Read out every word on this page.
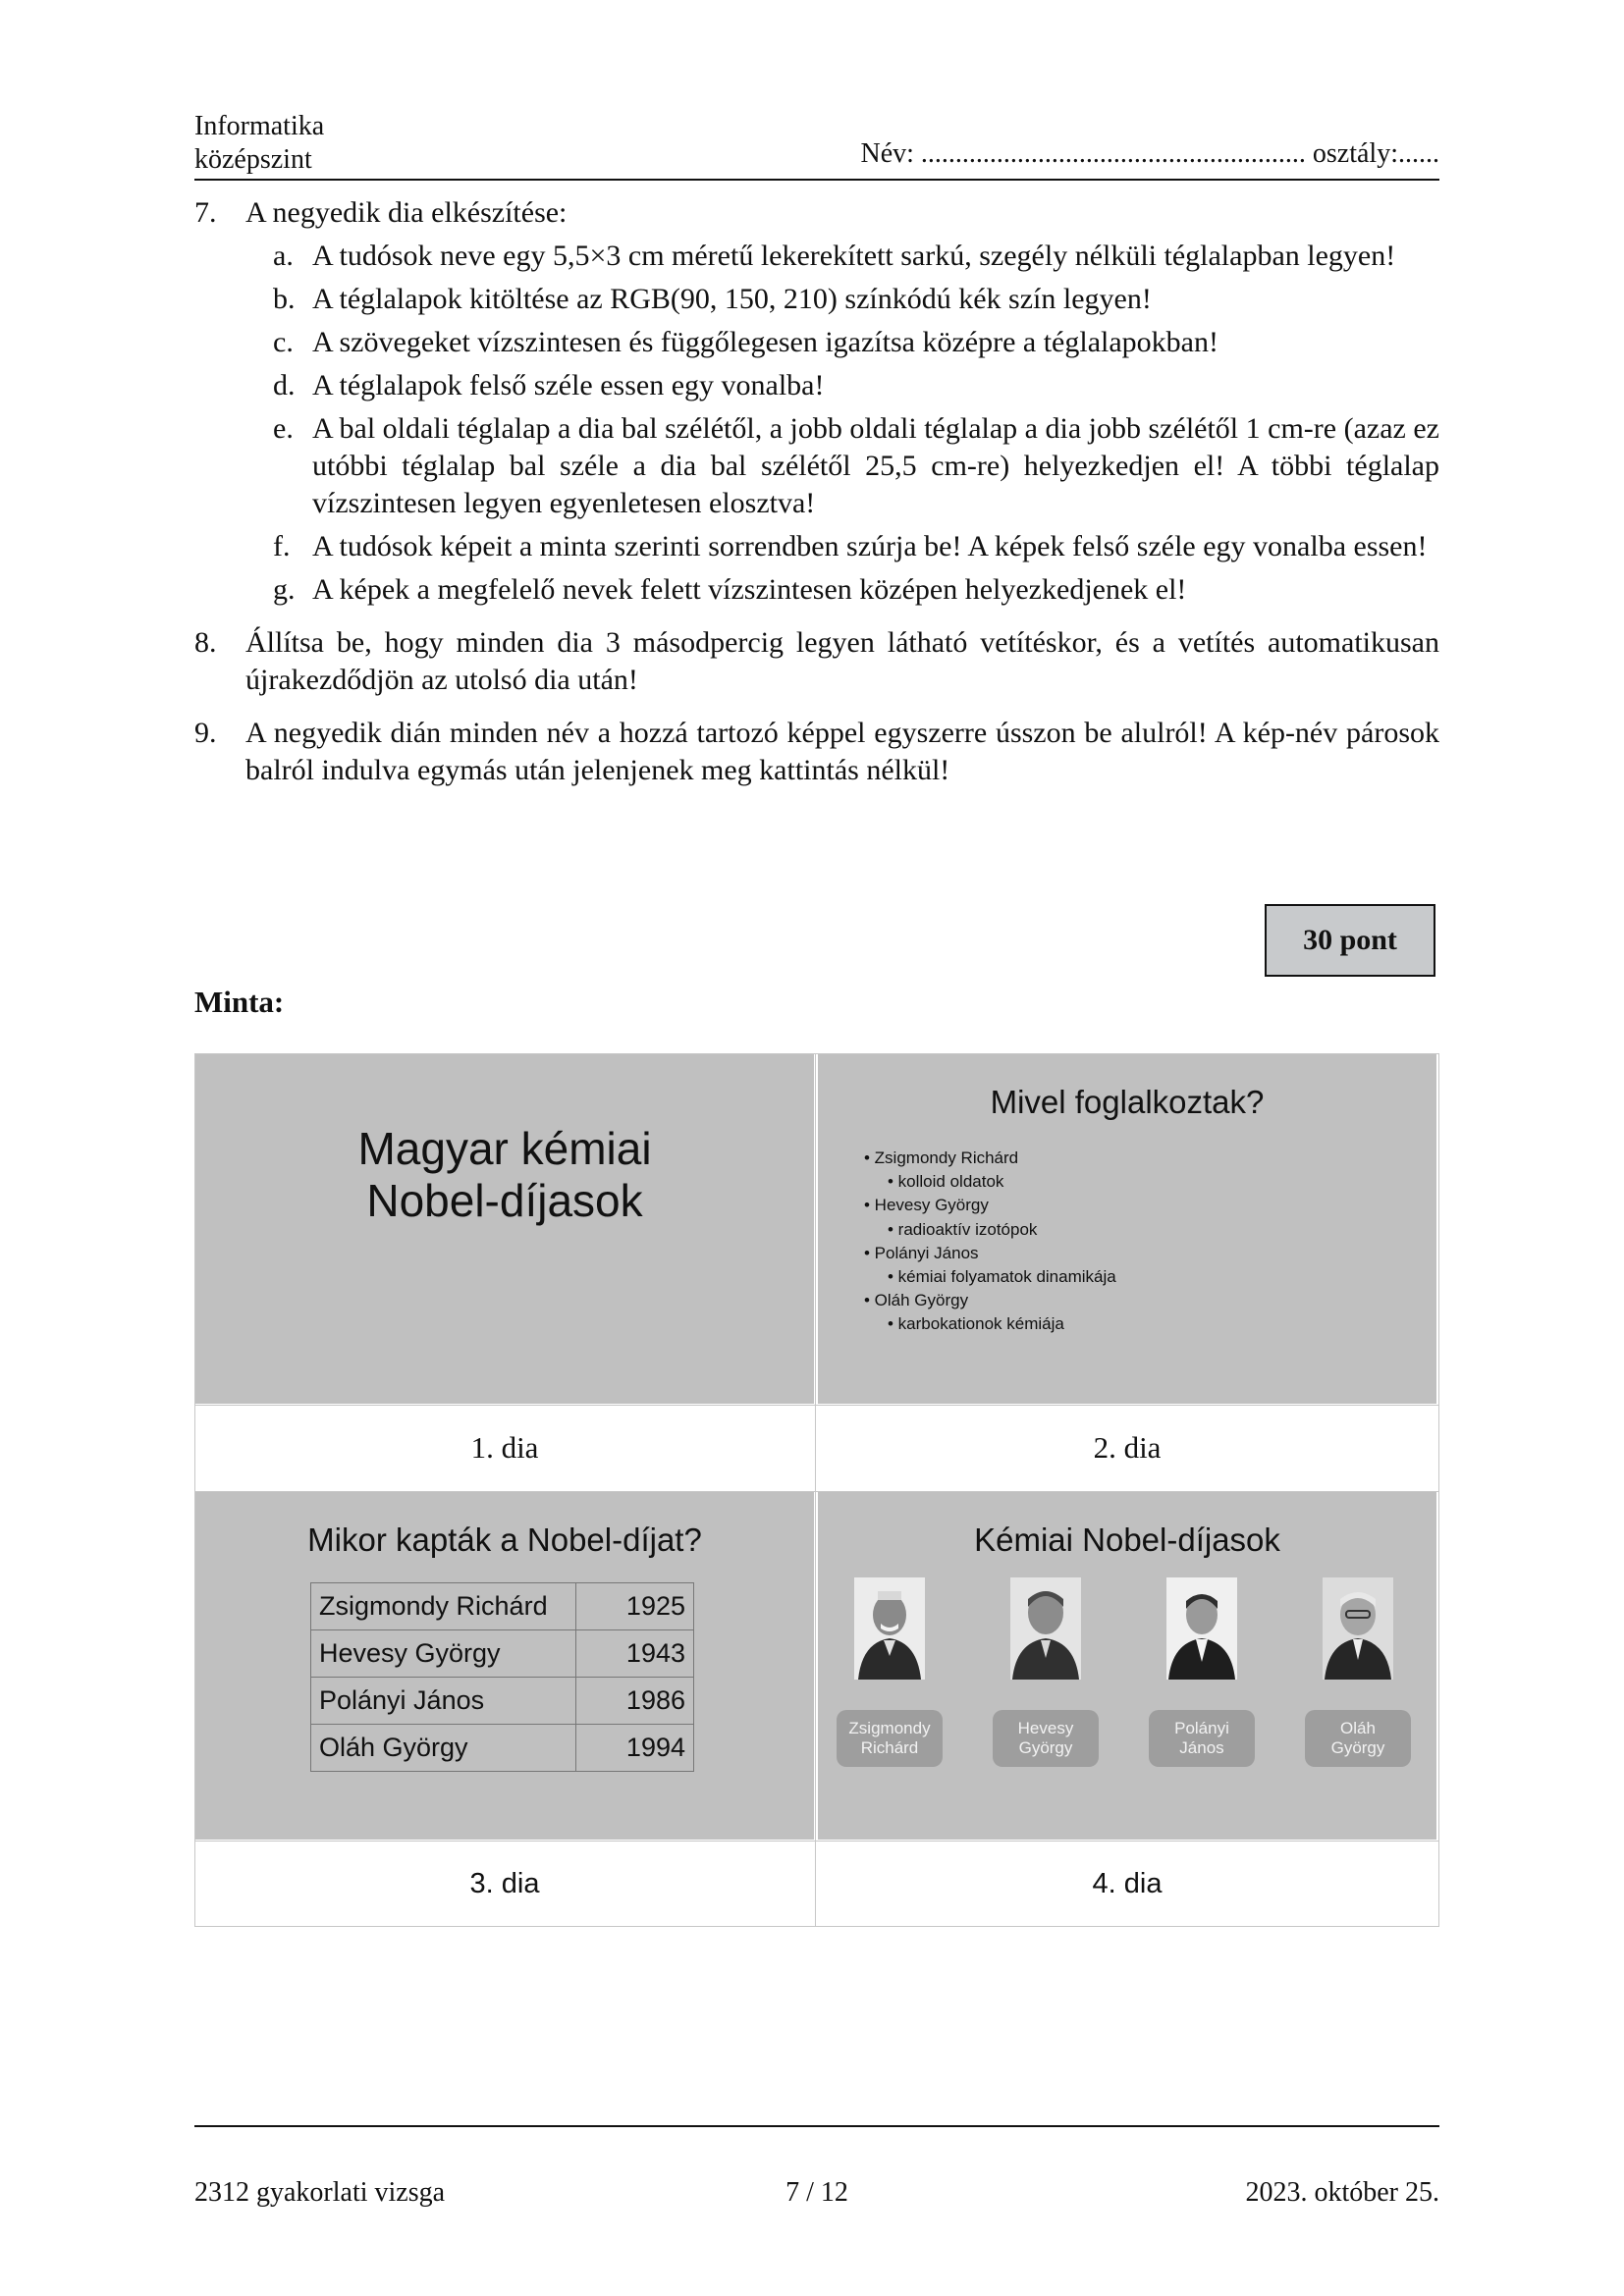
Informatika
középszint	Név: ........................................................ osztály:......
7. A negyedik dia elkészítése:
a. A tudósok neve egy 5,5×3 cm méretű lekerekített sarkú, szegély nélküli téglalapban legyen!
b. A téglalapok kitöltése az RGB(90, 150, 210) színkódú kék szín legyen!
c. A szövegeket vízszintesen és függőlegesen igazítsa középre a téglalapokban!
d. A téglalapok felső széle essen egy vonalba!
e. A bal oldali téglalap a dia bal szélétől, a jobb oldali téglalap a dia jobb szélétől 1 cm-re (azaz ez utóbbi téglalap bal széle a dia bal szélétől 25,5 cm-re) helyezkedjen el! A többi téglalap vízszintesen legyen egyenletesen elosztva!
f. A tudósok képeit a minta szerinti sorrendben szúrja be! A képek felső széle egy vonalba essen!
g. A képek a megfelelő nevek felett vízszintesen középen helyezkedjenek el!
8. Állítsa be, hogy minden dia 3 másodpercig legyen látható vetítéskor, és a vetítés automatikusan újrakezdődjön az utolsó dia után!
9. A negyedik dián minden név a hozzá tartozó képpel egyszerre ússzon be alulról! A kép-név párosok balról indulva egymás után jelenjenek meg kattintás nélkül!
30 pont
Minta:
Magyar kémiai
Nobel-díjasok
Mivel foglalkoztak?
• Zsigmondy Richárd
• kolloid oldatok
• Hevesy György
• radioaktív izotópok
• Polányi János
• kémiai folyamatok dinamikája
• Oláh György
• karbokationok kémiája
1. dia	2. dia
Mikor kapták a Nobel-díjat?
Zsigmondy Richárd	1925
Hevesy György	1943
Polányi János	1986
Oláh György	1994
Kémiai Nobel-díjasok
Zsigmondy
Richárd
Hevesy
György
Polányi
János
Oláh
György
3. dia	4. dia
2312 gyakorlati vizsga	7 / 12	2023. október 25.
